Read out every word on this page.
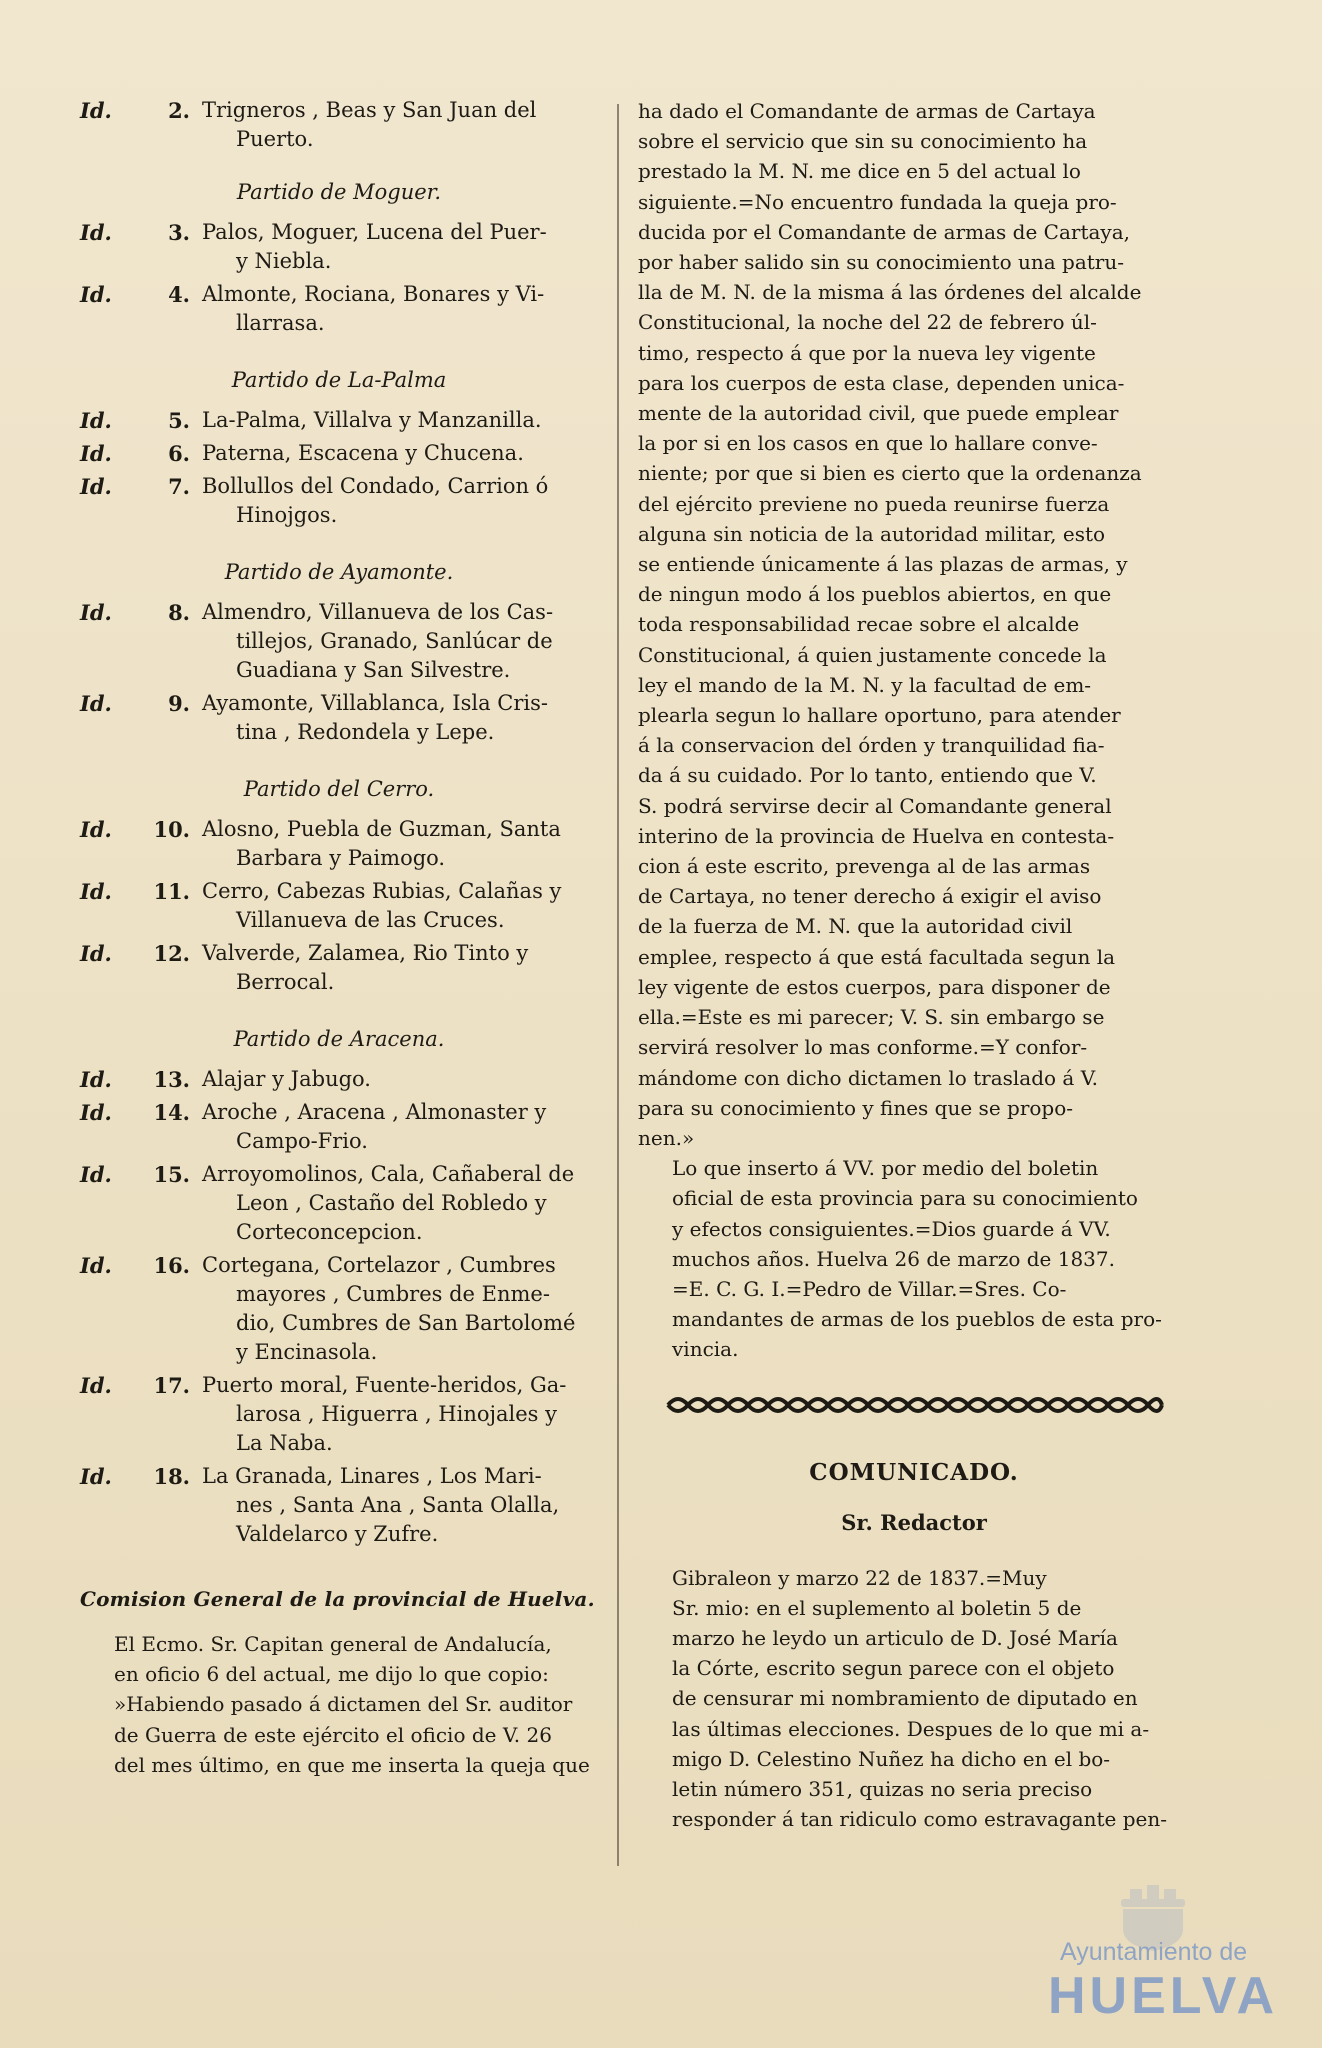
Id.	2. Trigneros , Beas y San Juan del
Puerto.
Partido de Moguer.
Id.	3. Palos, Moguer, Lucena del Puer-
y Niebla.
Id.	4. Almonte, Rociana, Bonares y Vi-
llarrasa.
Partido de La-Palma
Id.	5. La-Palma, Villalva y Manzanilla.
Id.	6. Paterna, Escacena y Chucena.
Id.	7. Bollullos del Condado, Carrion ó
Hinojgos.
Partido de Ayamonte.
Id.	8. Almendro, Villanueva de los Cas-
tillejos, Granado, Sanlúcar de
Guadiana y San Silvestre.
Id.	9. Ayamonte, Villablanca, Isla Cris-
tina , Redondela y Lepe.
Partido del Cerro.
Id.	10. Alosno, Puebla de Guzman, Santa
Barbara y Paimogo.
Id.	11. Cerro, Cabezas Rubias, Calañas y
Villanueva de las Cruces.
Id.	12. Valverde, Zalamea, Rio Tinto y
Berrocal.
Partido de Aracena.
Id.	13. Alajar y Jabugo.
Id.	14. Aroche , Aracena , Almonaster y
Campo-Frio.
Id.	15. Arroyomolinos, Cala, Cañaberal de
Leon , Castaño del Robledo y
Corteconcepcion.
Id.	16. Cortegana, Cortelazor , Cumbres
mayores , Cumbres de Enme-
dio, Cumbres de San Bartolomé
y Encinasola.
Id.	17. Puerto moral, Fuente-heridos, Ga-
larosa , Higuerra , Hinojales y
La Naba.
Id.	18. La Granada, Linares , Los Mari-
nes , Santa Ana , Santa Olalla,
Valdelarco y Zufre.
Comision General de la provincial de Huelva.
El Ecmo. Sr. Capitan general de Andalucía,
en oficio 6 del actual, me dijo lo que copio:
»Habiendo pasado á dictamen del Sr. auditor
de Guerra de este ejército el oficio de V. 26
del mes último, en que me inserta la queja que
ha dado el Comandante de armas de Cartaya
sobre el servicio que sin su conocimiento ha
prestado la M. N. me dice en 5 del actual lo
siguiente.=No encuentro fundada la queja pro-
ducida por el Comandante de armas de Cartaya,
por haber salido sin su conocimiento una patru-
lla de M. N. de la misma á las órdenes del alcalde
Constitucional, la noche del 22 de febrero úl-
timo, respecto á que por la nueva ley vigente
para los cuerpos de esta clase, dependen unica-
mente de la autoridad civil, que puede emplear
la por si en los casos en que lo hallare conve-
niente; por que si bien es cierto que la ordenanza
del ejército previene no pueda reunirse fuerza
alguna sin noticia de la autoridad militar, esto
se entiende únicamente á las plazas de armas, y
de ningun modo á los pueblos abiertos, en que
toda responsabilidad recae sobre el alcalde
Constitucional, á quien justamente concede la
ley el mando de la M. N. y la facultad de em-
plearla segun lo hallare oportuno, para atender
á la conservacion del órden y tranquilidad fia-
da á su cuidado. Por lo tanto, entiendo que V.
S. podrá servirse decir al Comandante general
interino de la provincia de Huelva en contesta-
cion á este escrito, prevenga al de las armas
de Cartaya, no tener derecho á exigir el aviso
de la fuerza de M. N. que la autoridad civil
emplee, respecto á que está facultada segun la
ley vigente de estos cuerpos, para disponer de
ella.=Este es mi parecer; V. S. sin embargo se
servirá resolver lo mas conforme.=Y confor-
mándome con dicho dictamen lo traslado á V.
para su conocimiento y fines que se propo-
nen.»
Lo que inserto á VV. por medio del boletin
oficial de esta provincia para su conocimiento
y efectos consiguientes.=Dios guarde á VV.
muchos años. Huelva 26 de marzo de 1837.
=E. C. G. I.=Pedro de Villar.=Sres. Co-
mandantes de armas de los pueblos de esta pro-
vincia.
COMUNICADO.
Sr. Redactor
Gibraleon y marzo 22 de 1837.=Muy
Sr. mio: en el suplemento al boletin 5 de
marzo he leydo un articulo de D. José María
la Córte, escrito segun parece con el objeto
de censurar mi nombramiento de diputado en
las últimas elecciones. Despues de lo que mi a-
migo D. Celestino Nuñez ha dicho en el bo-
letin número 351, quizas no seria preciso
responder á tan ridiculo como estravagante pen-
Ayuntamiento de
HUELVA
